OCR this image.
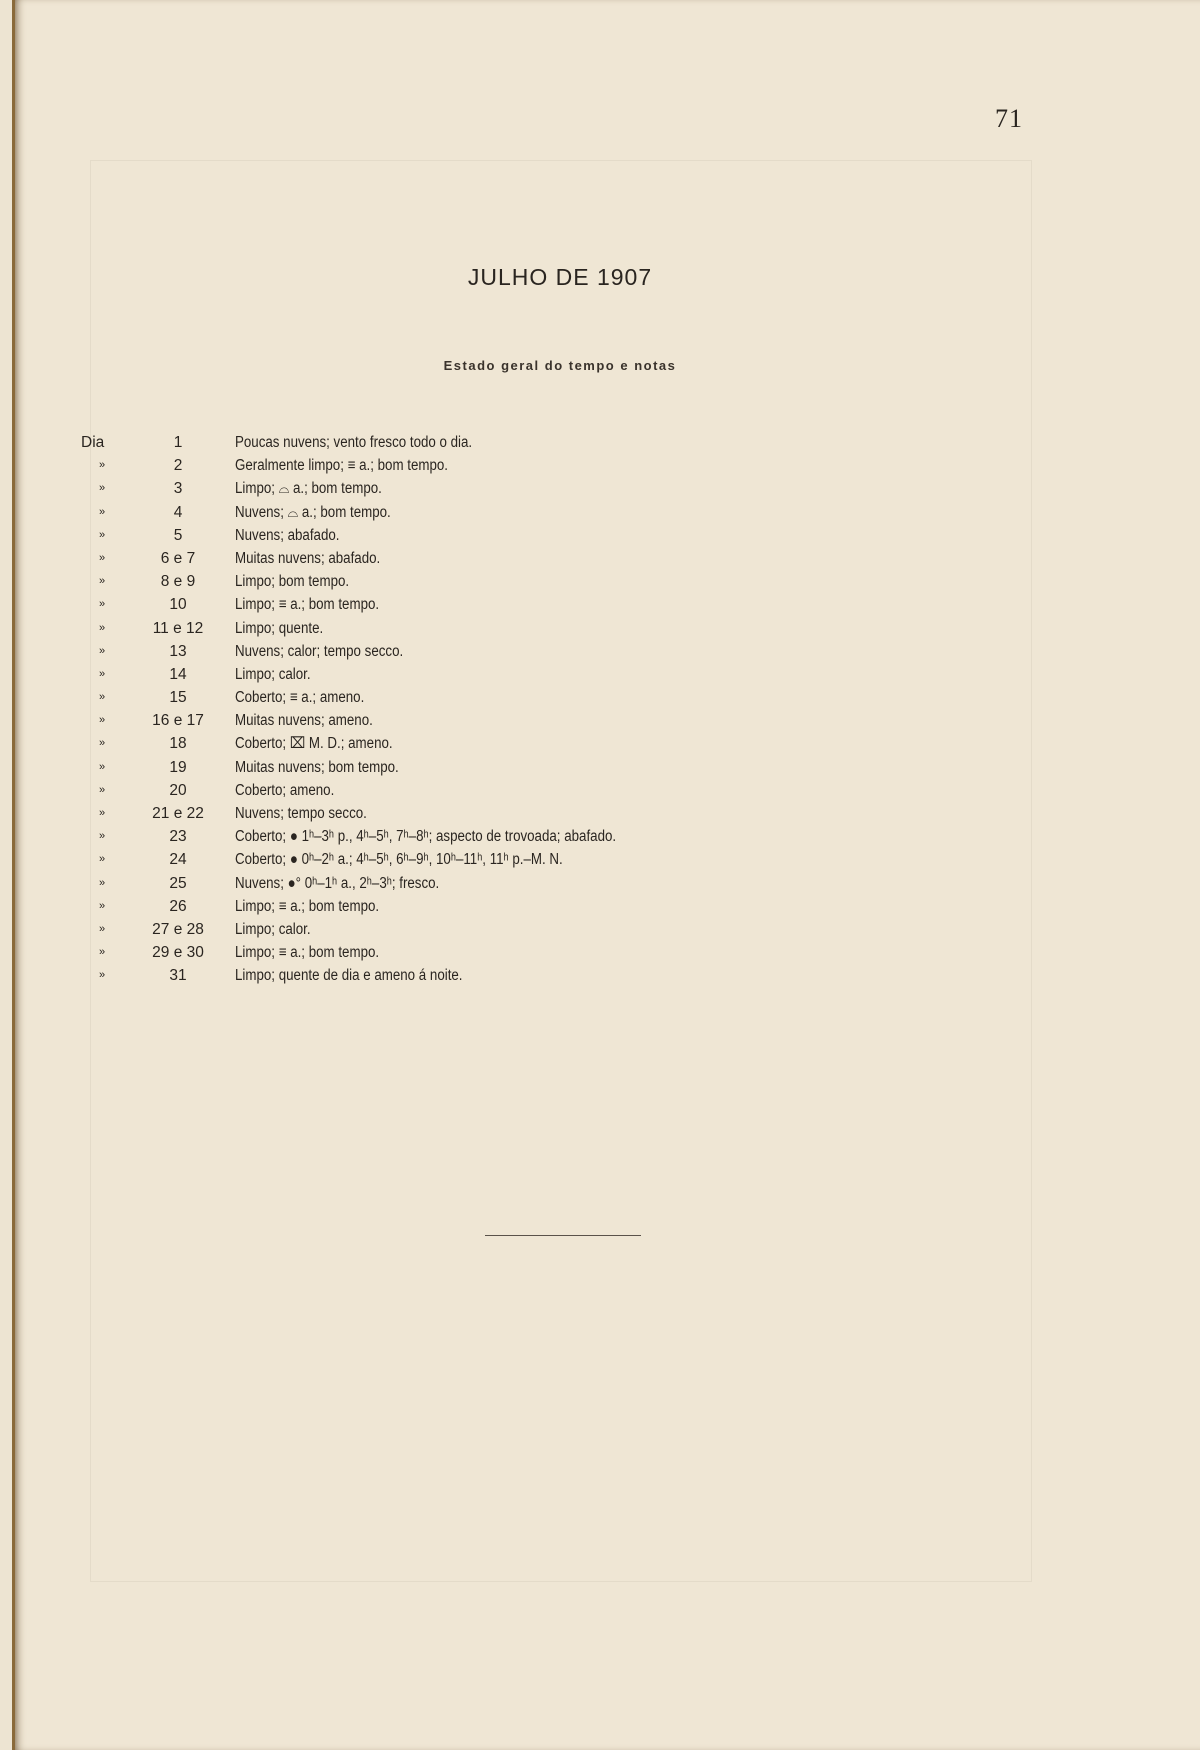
71
JULHO DE 1907
Estado geral do tempo e notas
Dia	1	Poucas nuvens; vento fresco todo o dia.
»	2	Geralmente limpo; ≡ a.; bom tempo.
»	3	Limpo; ⌓ a.; bom tempo.
»	4	Nuvens; ⌓ a.; bom tempo.
»	5	Nuvens; abafado.
»	6 e 7	Muitas nuvens; abafado.
»	8 e 9	Limpo; bom tempo.
»	10	Limpo; ≡ a.; bom tempo.
»	11 e 12	Limpo; quente.
»	13	Nuvens; calor; tempo secco.
»	14	Limpo; calor.
»	15	Coberto; ≡ a.; ameno.
»	16 e 17	Muitas nuvens; ameno.
»	18	Coberto; ⌧ M. D.; ameno.
»	19	Muitas nuvens; bom tempo.
»	20	Coberto; ameno.
»	21 e 22	Nuvens; tempo secco.
»	23	Coberto; ● 1ʰ–3ʰ p., 4ʰ–5ʰ, 7ʰ–8ʰ; aspecto de trovoada; abafado.
»	24	Coberto; ● 0ʰ–2ʰ a.; 4ʰ–5ʰ, 6ʰ–9ʰ, 10ʰ–11ʰ, 11ʰ p.–M. N.
»	25	Nuvens; ●° 0ʰ–1ʰ a., 2ʰ–3ʰ; fresco.
»	26	Limpo; ≡ a.; bom tempo.
»	27 e 28	Limpo; calor.
»	29 e 30	Limpo; ≡ a.; bom tempo.
»	31	Limpo; quente de dia e ameno á noite.
